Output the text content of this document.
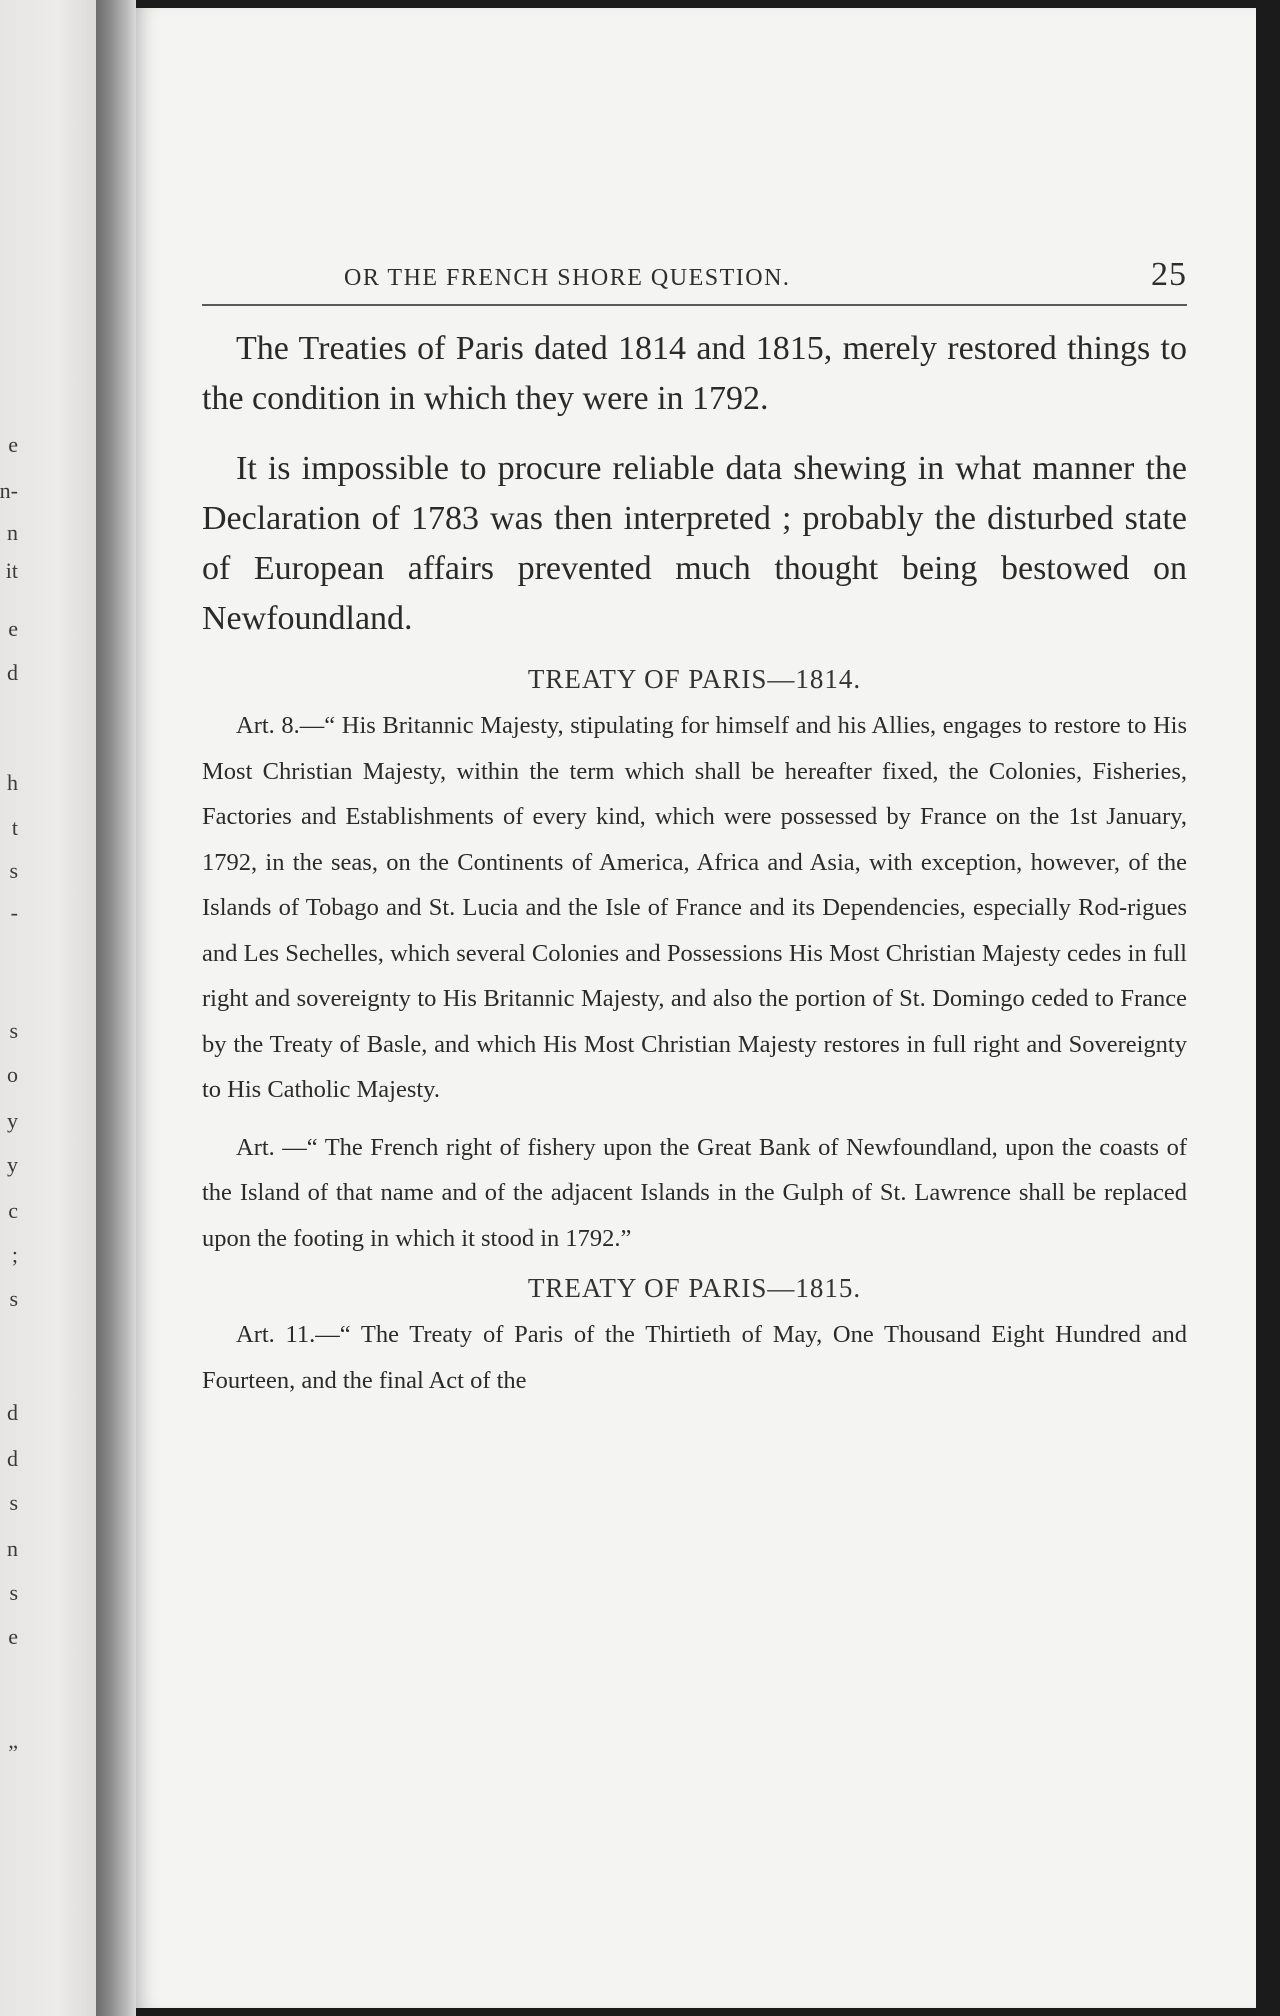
e
n-
n
it
e
d
h
t
s
-
s
o
y
y
c
;
s
d
d
s
n
s
e
”
OR THE FRENCH SHORE QUESTION.	25

The Treaties of Paris dated 1814 and 1815, merely restored things to the condition in which they were in 1792.

It is impossible to procure reliable data shewing in what manner the Declaration of 1783 was then interpreted ; probably the disturbed state of European affairs prevented much thought being bestowed on Newfoundland.

TREATY OF PARIS—1814.

Art. 8.—“ His Britannic Majesty, stipulating for himself and his Allies, engages to restore to His Most Christian Majesty, within the term which shall be hereafter fixed, the Colonies, Fisheries, Factories and Establishments of every kind, which were possessed by France on the 1st January, 1792, in the seas, on the Continents of America, Africa and Asia, with exception, however, of the Islands of Tobago and St. Lucia and the Isle of France and its Dependencies, especially Rod-rigues and Les Sechelles, which several Colonies and Possessions His Most Christian Majesty cedes in full right and sovereignty to His Britannic Majesty, and also the portion of St. Domingo ceded to France by the Treaty of Basle, and which His Most Christian Majesty restores in full right and Sovereignty to His Catholic Majesty.

Art. —“ The French right of fishery upon the Great Bank of Newfoundland, upon the coasts of the Island of that name and of the adjacent Islands in the Gulph of St. Lawrence shall be replaced upon the footing in which it stood in 1792.”

TREATY OF PARIS—1815.

Art. 11.—“ The Treaty of Paris of the Thirtieth of May, One Thousand Eight Hundred and Fourteen, and the final Act of the
